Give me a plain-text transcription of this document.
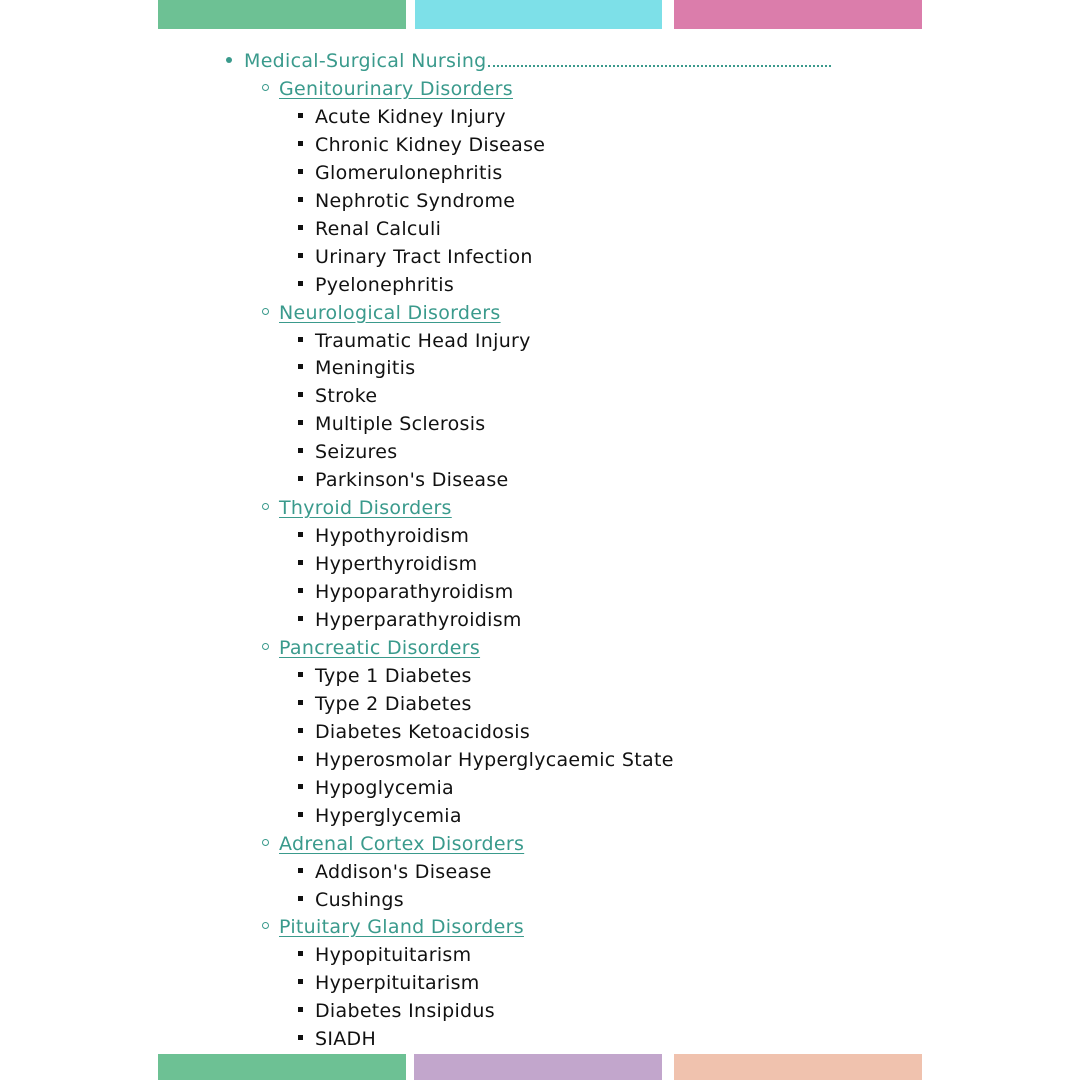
Medical-Surgical Nursing
Genitourinary Disorders
Acute Kidney Injury
Chronic Kidney Disease
Glomerulonephritis
Nephrotic Syndrome
Renal Calculi
Urinary Tract Infection
Pyelonephritis
Neurological Disorders
Traumatic Head Injury
Meningitis
Stroke
Multiple Sclerosis
Seizures
Parkinson's Disease
Thyroid Disorders
Hypothyroidism
Hyperthyroidism
Hypoparathyroidism
Hyperparathyroidism
Pancreatic Disorders
Type 1 Diabetes
Type 2 Diabetes
Diabetes Ketoacidosis
Hyperosmolar Hyperglycaemic State
Hypoglycemia
Hyperglycemia
Adrenal Cortex Disorders
Addison's Disease
Cushings
Pituitary Gland Disorders
Hypopituitarism
Hyperpituitarism
Diabetes Insipidus
SIADH
